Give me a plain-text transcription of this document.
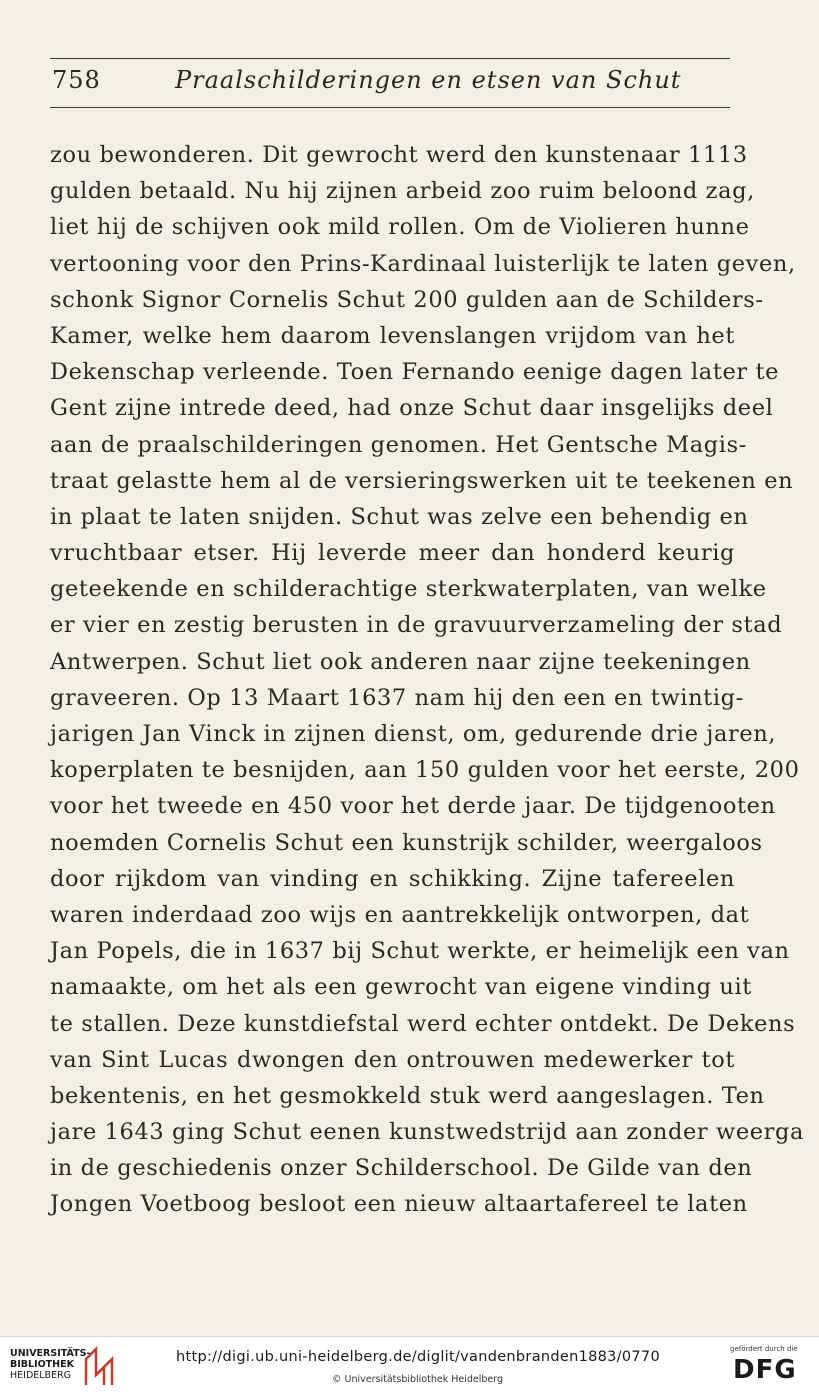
758	Praalschilderingen en etsen van Schut
zou bewonderen. Dit gewrocht werd den kunstenaar 1113
gulden betaald. Nu hij zijnen arbeid zoo ruim beloond zag,
liet hij de schijven ook mild rollen. Om de Violieren hunne
vertooning voor den Prins-Kardinaal luisterlijk te laten geven,
schonk Signor Cornelis Schut 200 gulden aan de Schilders-
Kamer, welke hem daarom levenslangen vrijdom van het
Dekenschap verleende. Toen Fernando eenige dagen later te
Gent zijne intrede deed, had onze Schut daar insgelijks deel
aan de praalschilderingen genomen. Het Gentsche Magis-
traat gelastte hem al de versieringswerken uit te teekenen en
in plaat te laten snijden. Schut was zelve een behendig en
vruchtbaar etser. Hij leverde meer dan honderd keurig
geteekende en schilderachtige sterkwaterplaten, van welke
er vier en zestig berusten in de gravuurverzameling der stad
Antwerpen. Schut liet ook anderen naar zijne teekeningen
graveeren. Op 13 Maart 1637 nam hij den een en twintig-
jarigen Jan Vinck in zijnen dienst, om, gedurende drie jaren,
koperplaten te besnijden, aan 150 gulden voor het eerste, 200
voor het tweede en 450 voor het derde jaar. De tijdgenooten
noemden Cornelis Schut een kunstrijk schilder, weergaloos
door rijkdom van vinding en schikking. Zijne tafereelen
waren inderdaad zoo wijs en aantrekkelijk ontworpen, dat
Jan Popels, die in 1637 bij Schut werkte, er heimelijk een van
namaakte, om het als een gewrocht van eigene vinding uit
te stallen. Deze kunstdiefstal werd echter ontdekt. De Dekens
van Sint Lucas dwongen den ontrouwen medewerker tot
bekentenis, en het gesmokkeld stuk werd aangeslagen. Ten
jare 1643 ging Schut eenen kunstwedstrijd aan zonder weerga
in de geschiedenis onzer Schilderschool. De Gilde van den
Jongen Voetboog besloot een nieuw altaartafereel te laten
UNIVERSITÄTS-
BIBLIOTHEK
HEIDELBERG
http://digi.ub.uni-heidelberg.de/diglit/vandenbranden1883/0770
© Universitätsbibliothek Heidelberg
gefördert durch die
DFG
